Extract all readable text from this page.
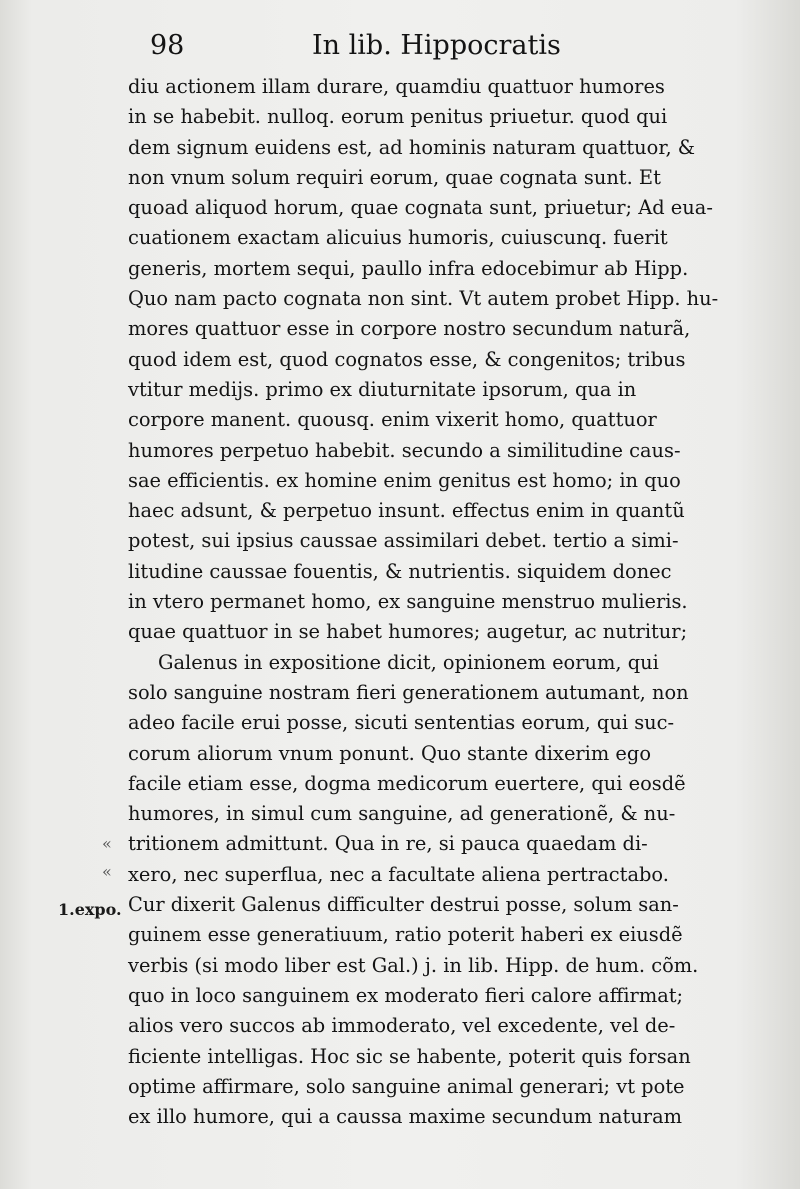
98	In lib. Hippocratis
diu actionem illam durare, quamdiu quattuor humores
in se habebit. nulloq. eorum penitus priuetur. quod qui
dem signum euidens est, ad hominis naturam quattuor, &
non vnum solum requiri eorum, quae cognata sunt. Et
quoad aliquod horum, quae cognata sunt, priuetur; Ad eua-
cuationem exactam alicuius humoris, cuiuscunq. fuerit
generis, mortem sequi, paullo infra edocebimur ab Hipp.
Quo nam pacto cognata non sint. Vt autem probet Hipp. hu-
mores quattuor esse in corpore nostro secundum naturã,
quod idem est, quod cognatos esse, & congenitos; tribus
vtitur medijs. primo ex diuturnitate ipsorum, qua in
corpore manent. quousq. enim vixerit homo, quattuor
humores perpetuo habebit. secundo a similitudine caus-
sae efficientis. ex homine enim genitus est homo; in quo
haec adsunt, & perpetuo insunt. effectus enim in quantũ
potest, sui ipsius caussae assimilari debet. tertio a simi-
litudine caussae fouentis, & nutrientis. siquidem donec
in vtero permanet homo, ex sanguine menstruo mulieris.
quae quattuor in se habet humores; augetur, ac nutritur;
Galenus in expositione dicit, opinionem eorum, qui
solo sanguine nostram fieri generationem autumant, non
adeo facile erui posse, sicuti sententias eorum, qui suc-
corum aliorum vnum ponunt. Quo stante dixerim ego
facile etiam esse, dogma medicorum euertere, qui eosdẽ
humores, in simul cum sanguine, ad generationẽ, & nu-
tritionem admittunt. Qua in re, si pauca quaedam di-
xero, nec superflua, nec a facultate aliena pertractabo.
Cur dixerit Galenus difficulter destrui posse, solum san-
guinem esse generatiuum, ratio poterit haberi ex eiusdẽ
verbis (si modo liber est Gal.) j. in lib. Hipp. de hum. cõm.
quo in loco sanguinem ex moderato fieri calore affirmat;
alios vero succos ab immoderato, vel excedente, vel de-
ficiente intelligas. Hoc sic se habente, poterit quis forsan
optime affirmare, solo sanguine animal generari; vt pote
ex illo humore, qui a caussa maxime secundum naturam
«
«
1.expo.
